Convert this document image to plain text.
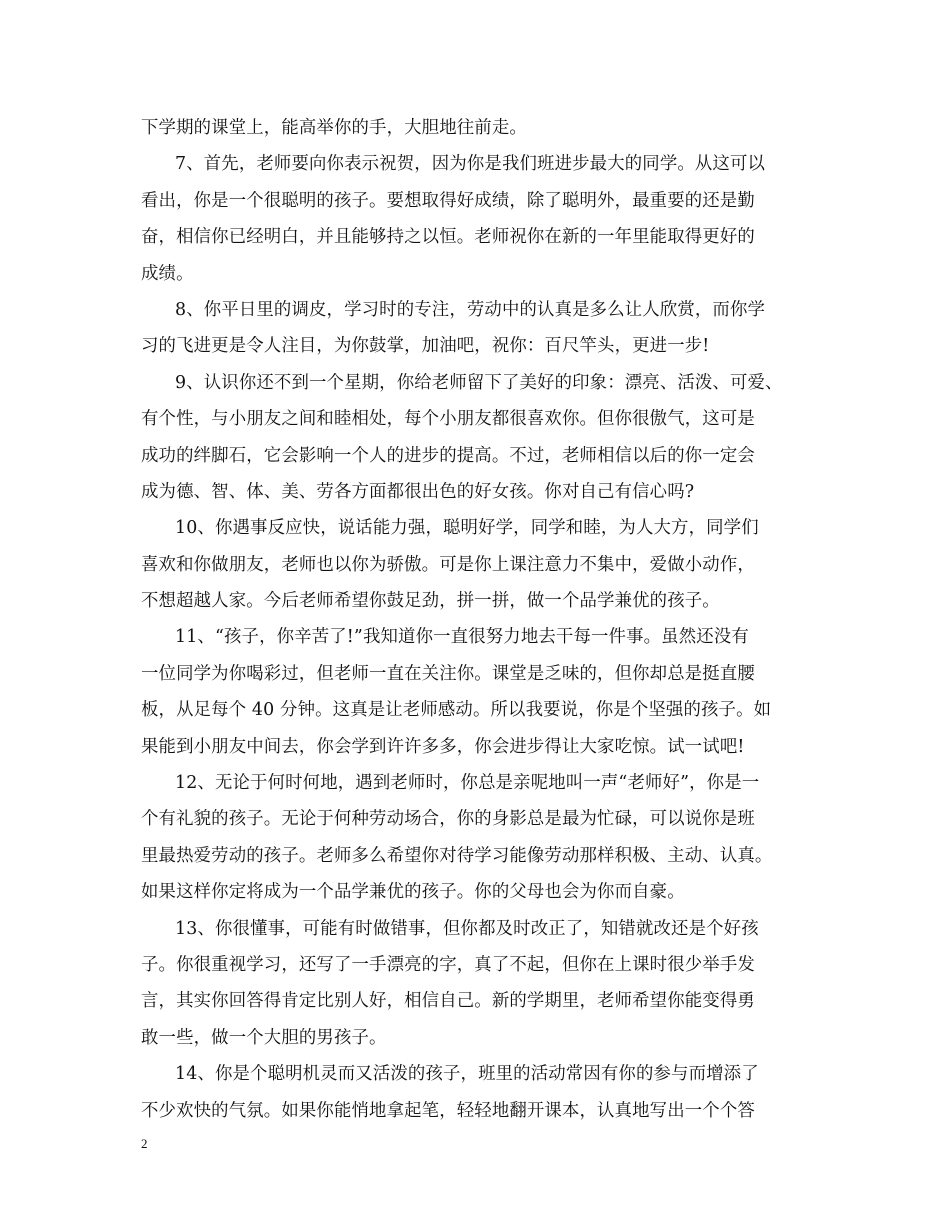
下学期的课堂上，能高举你的手，大胆地往前走。
7、首先，老师要向你表示祝贺，因为你是我们班进步最大的同学。从这可以
看出，你是一个很聪明的孩子。要想取得好成绩，除了聪明外，最重要的还是勤
奋，相信你已经明白，并且能够持之以恒。老师祝你在新的一年里能取得更好的
成绩。
8、你平日里的调皮，学习时的专注，劳动中的认真是多么让人欣赏，而你学
习的飞进更是令人注目，为你鼓掌，加油吧，祝你：百尺竿头，更进一步!
9、认识你还不到一个星期，你给老师留下了美好的印象：漂亮、活泼、可爱、
有个性，与小朋友之间和睦相处，每个小朋友都很喜欢你。但你很傲气，这可是
成功的绊脚石，它会影响一个人的进步的提高。不过，老师相信以后的你一定会
成为德、智、体、美、劳各方面都很出色的好女孩。你对自己有信心吗?
10、你遇事反应快，说话能力强，聪明好学，同学和睦，为人大方，同学们
喜欢和你做朋友，老师也以你为骄傲。可是你上课注意力不集中，爱做小动作，
不想超越人家。今后老师希望你鼓足劲，拼一拼，做一个品学兼优的孩子。
11、“孩子，你辛苦了!”我知道你一直很努力地去干每一件事。虽然还没有
一位同学为你喝彩过，但老师一直在关注你。课堂是乏味的，但你却总是挺直腰
板，从足每个 40 分钟。这真是让老师感动。所以我要说，你是个坚强的孩子。如
果能到小朋友中间去，你会学到许许多多，你会进步得让大家吃惊。试一试吧!
12、无论于何时何地，遇到老师时，你总是亲呢地叫一声“老师好”，你是一
个有礼貌的孩子。无论于何种劳动场合，你的身影总是最为忙碌，可以说你是班
里最热爱劳动的孩子。老师多么希望你对待学习能像劳动那样积极、主动、认真。
如果这样你定将成为一个品学兼优的孩子。你的父母也会为你而自豪。
13、你很懂事，可能有时做错事，但你都及时改正了，知错就改还是个好孩
子。你很重视学习，还写了一手漂亮的字，真了不起，但你在上课时很少举手发
言，其实你回答得肯定比别人好，相信自己。新的学期里，老师希望你能变得勇
敢一些，做一个大胆的男孩子。
14、你是个聪明机灵而又活泼的孩子，班里的活动常因有你的参与而增添了
不少欢快的气氛。如果你能悄地拿起笔，轻轻地翻开课本，认真地写出一个个答
2
